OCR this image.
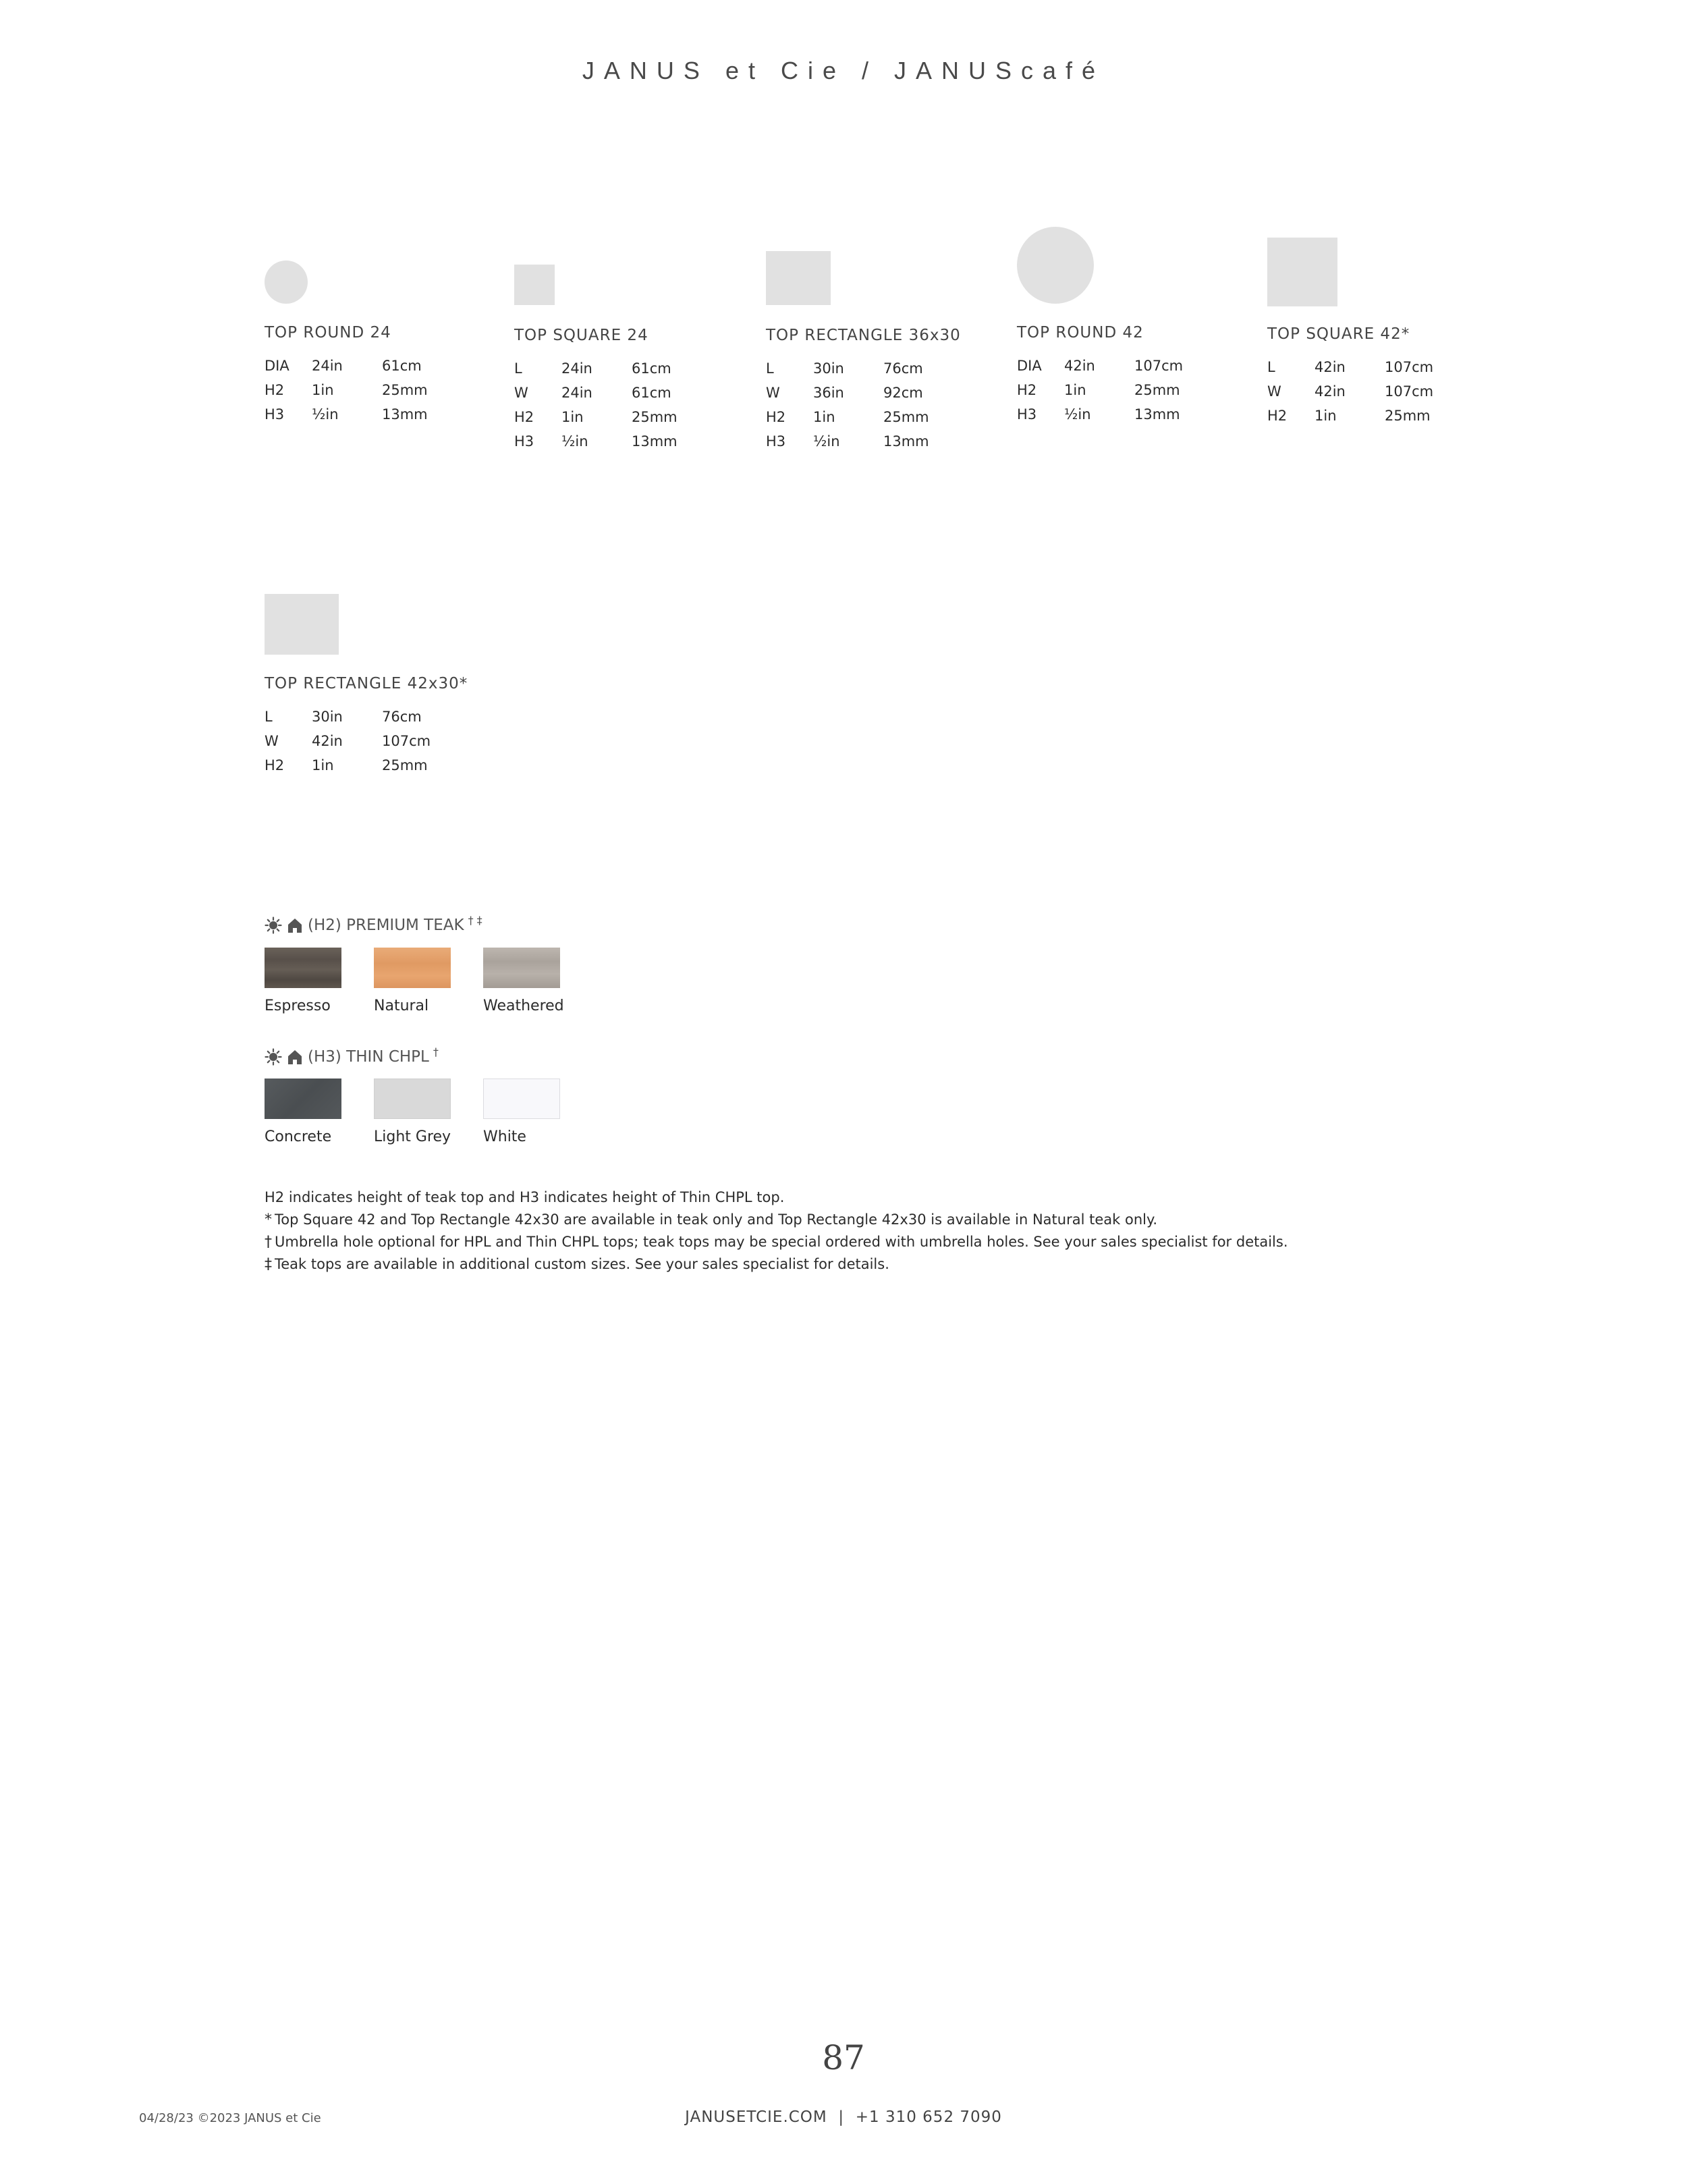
JANUS et Cie / JANUScafé
TOP ROUND 24
DIA 24in	61cm
H2 1in	25mm
H3 ½in	13mm
TOP SQUARE 24
L	24in	61cm
W 24in	61cm
H2 1in	25mm
H3 ½in	13mm
TOP RECTANGLE 36x30
L	30in	76cm
W 36in	92cm
H2 1in	25mm
H3 ½in	13mm
TOP ROUND 42
DIA 42in	107cm
H2 1in	25mm
H3 ½in	13mm
TOP SQUARE 42*
L	42in	107cm
W 42in	107cm
H2 1in	25mm
TOP RECTANGLE 42x30*
L	30in	76cm
W 42in	107cm
H2 1in	25mm
(H2) PREMIUM TEAK † ‡
Espresso	Natural	Weathered
(H3) THIN CHPL †
Concrete	Light Grey White
H2 indicates height of teak top and H3 indicates height of Thin CHPL top.
* Top Square 42 and Top Rectangle 42x30 are available in teak only and Top Rectangle 42x30 is available in Natural teak only.
† Umbrella hole optional for HPL and Thin CHPL tops; teak tops may be special ordered with umbrella holes. See your sales specialist for details.
‡ Teak tops are available in additional custom sizes. See your sales specialist for details.
87
04/28/23 ©2023 JANUS et Cie	JANUSETCIE.COM  |  +1 310 652 7090
